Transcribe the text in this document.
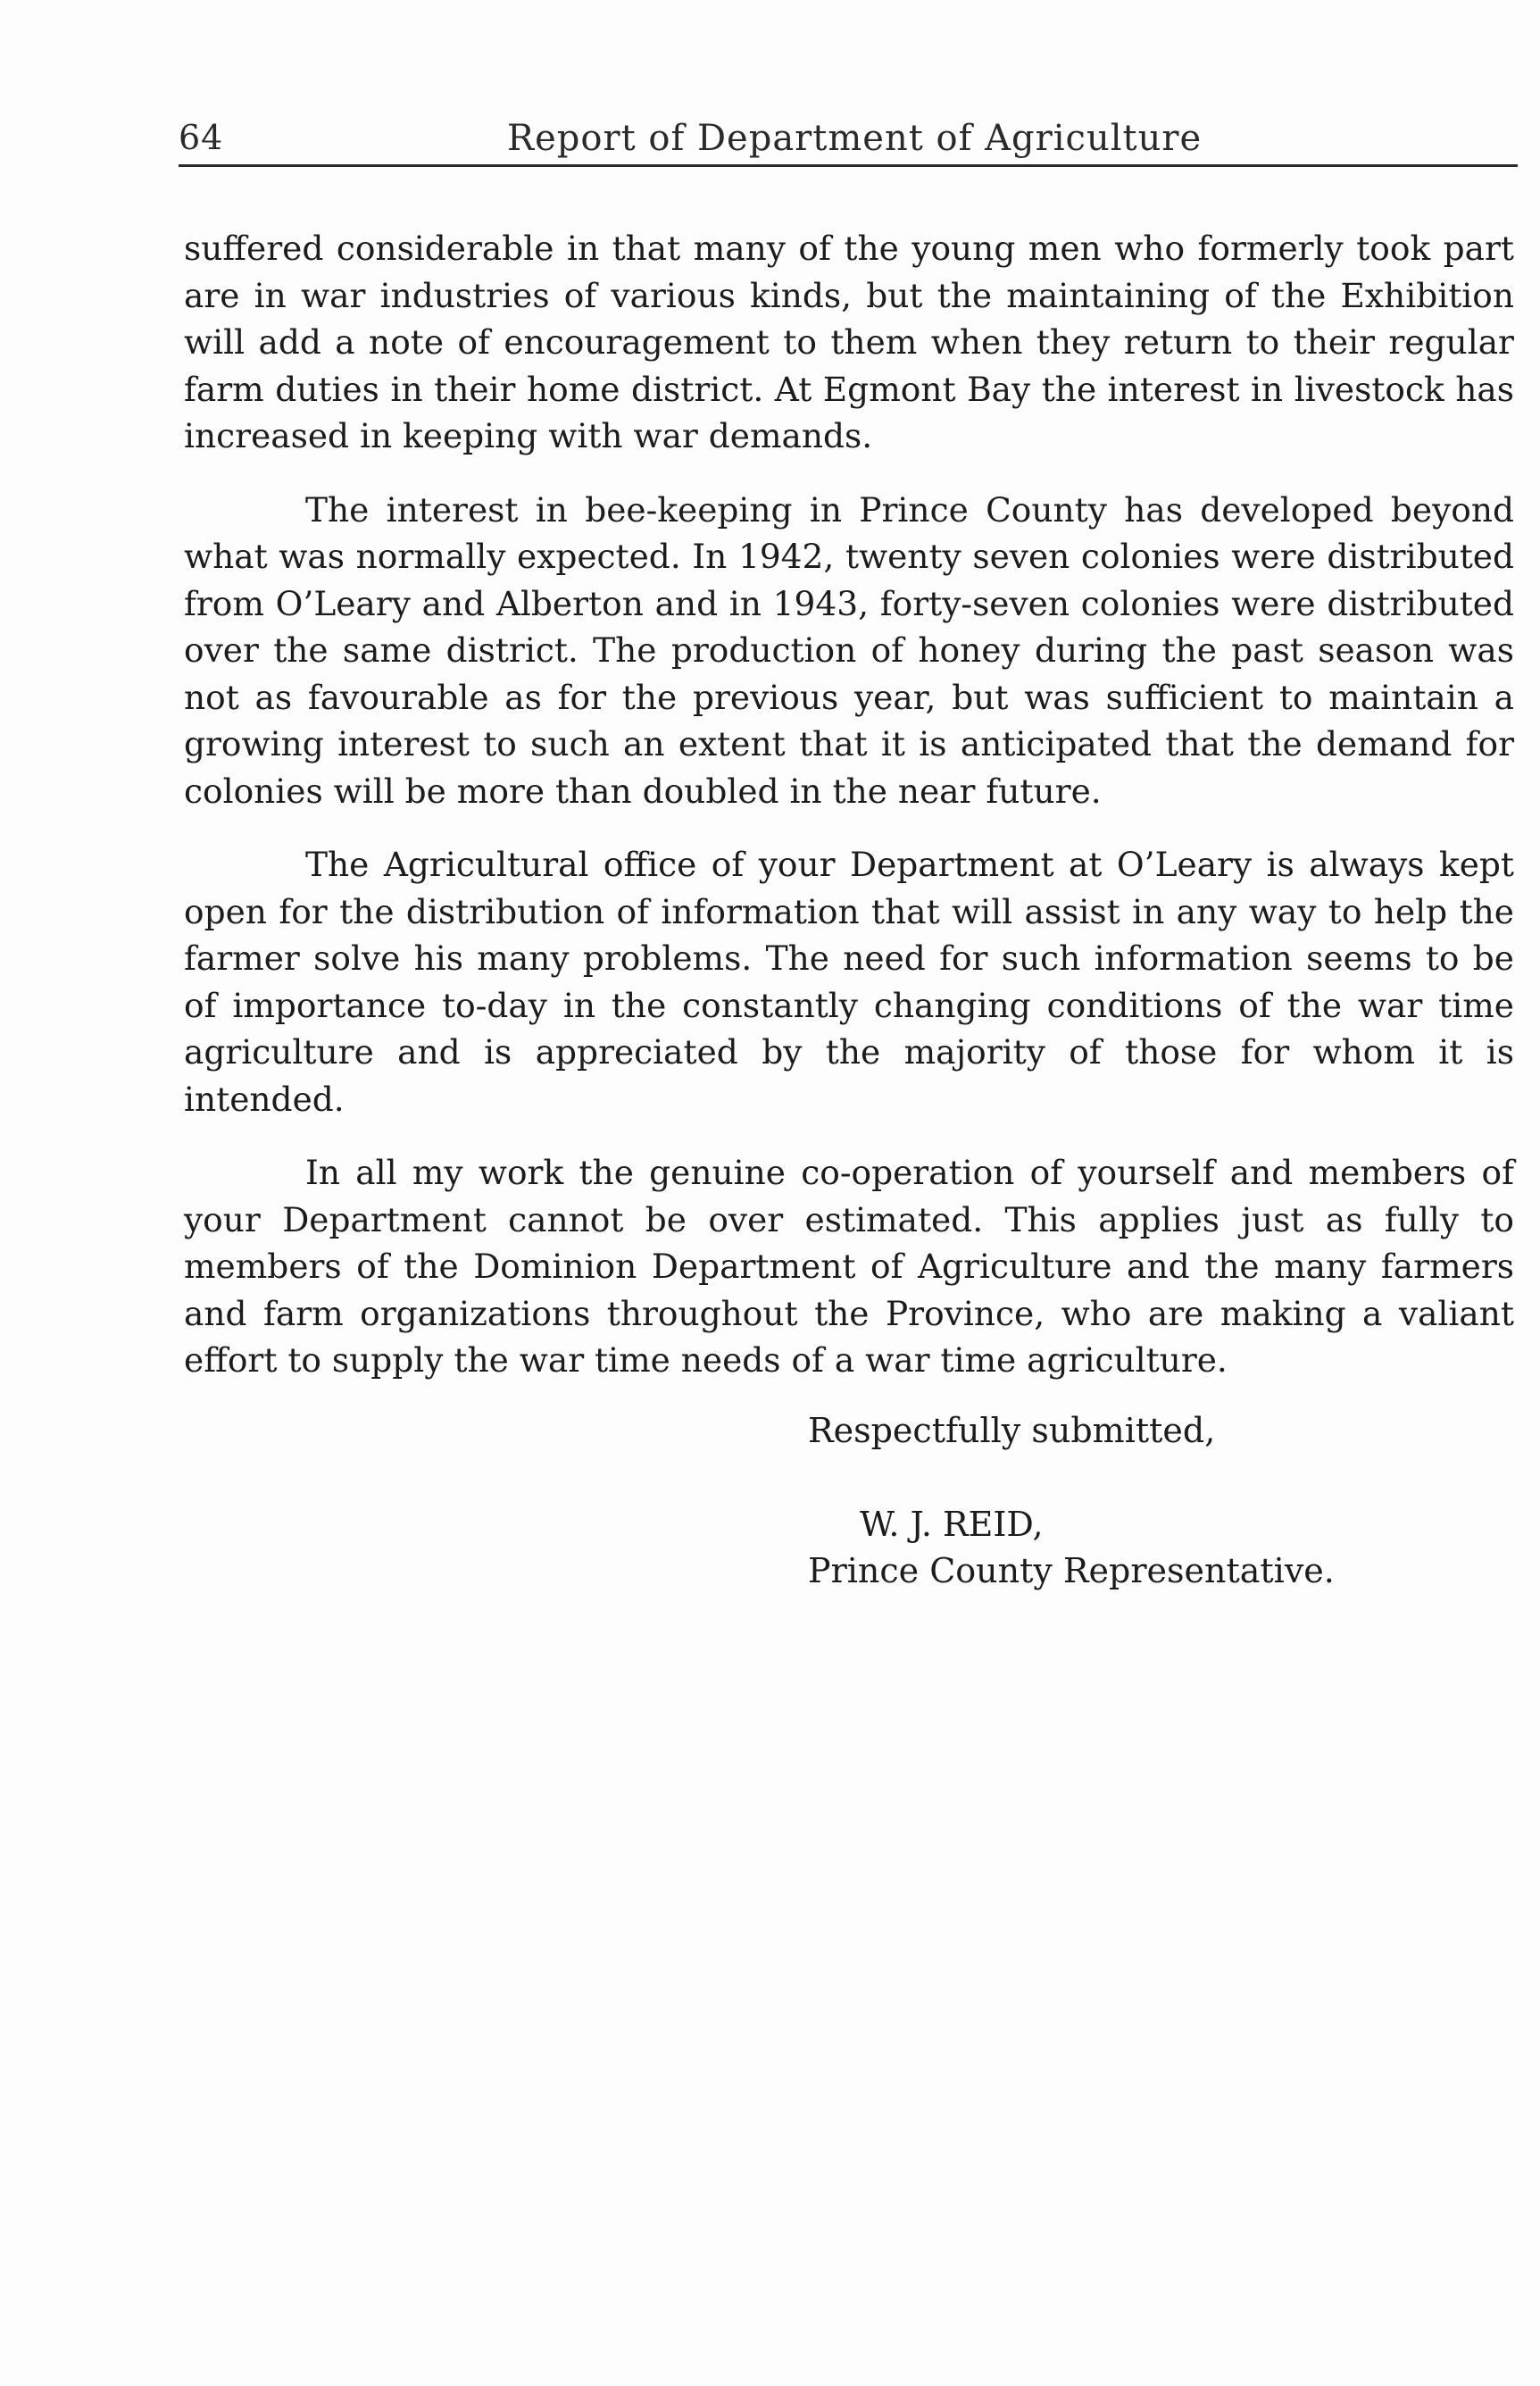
64	Report of Department of Agriculture

suffered considerable in that many of the young men who formerly took part are in war industries of various kinds, but the maintaining of the Exhibition will add a note of encouragement to them when they return to their regular farm duties in their home district. At Egmont Bay the interest in livestock has increased in keeping with war demands.

The interest in bee-keeping in Prince County has developed beyond what was normally expected. In 1942, twenty seven colonies were distributed from O’Leary and Alberton and in 1943, forty-seven colonies were distributed over the same district. The production of honey during the past season was not as favourable as for the previous year, but was sufficient to maintain a growing interest to such an extent that it is anticipated that the demand for colonies will be more than doubled in the near future.

The Agricultural office of your Department at O’Leary is always kept open for the distribution of information that will assist in any way to help the farmer solve his many problems. The need for such information seems to be of importance to-day in the constantly changing conditions of the war time agriculture and is appreciated by the majority of those for whom it is intended.

In all my work the genuine co-operation of yourself and members of your Department cannot be over estimated. This applies just as fully to members of the Dominion Department of Agriculture and the many farmers and farm organizations throughout the Province, who are making a valiant effort to supply the war time needs of a war time agriculture.

Respectfully submitted,
W. J. REID,
Prince County Representative.
